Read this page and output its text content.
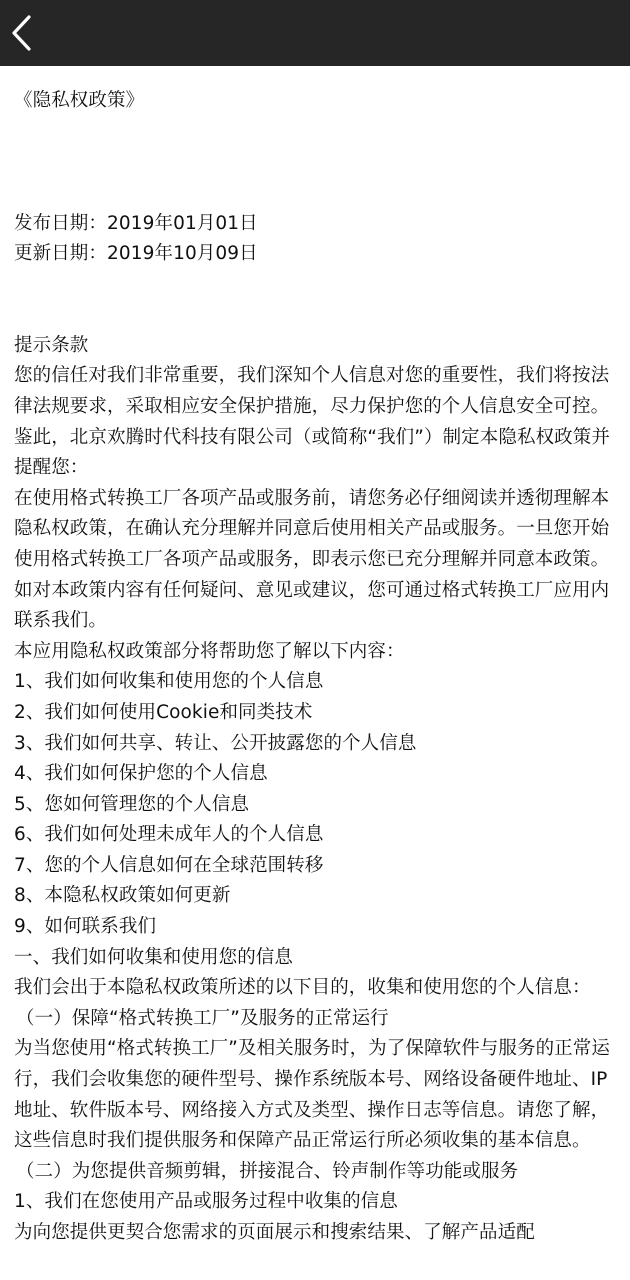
《隐私权政策》

发布日期：2019年01月01日

更新日期：2019年10月09日

提示条款

您的信任对我们非常重要，我们深知个人信息对您的重要性，我们将按法律法规要求，采取相应安全保护措施，尽力保护您的个人信息安全可控。鉴此，北京欢腾时代科技有限公司（或简称“我们”）制定本隐私权政策并提醒您：

在使用格式转换工厂各项产品或服务前，请您务必仔细阅读并透彻理解本隐私权政策，在确认充分理解并同意后使用相关产品或服务。一旦您开始使用格式转换工厂各项产品或服务，即表示您已充分理解并同意本政策。如对本政策内容有任何疑问、意见或建议，您可通过格式转换工厂应用内联系我们。

本应用隐私权政策部分将帮助您了解以下内容：

1、我们如何收集和使用您的个人信息

2、我们如何使用Cookie和同类技术

3、我们如何共享、转让、公开披露您的个人信息

4、我们如何保护您的个人信息

5、您如何管理您的个人信息

6、我们如何处理未成年人的个人信息

7、您的个人信息如何在全球范围转移

8、本隐私权政策如何更新

9、如何联系我们

一、我们如何收集和使用您的信息

我们会出于本隐私权政策所述的以下目的，收集和使用您的个人信息：

（一）保障“格式转换工厂”及服务的正常运行

为当您使用“格式转换工厂”及相关服务时，为了保障软件与服务的正常运行，我们会收集您的硬件型号、操作系统版本号、网络设备硬件地址、IP地址、软件版本号、网络接入方式及类型、操作日志等信息。请您了解，这些信息时我们提供服务和保障产品正常运行所必须收集的基本信息。

（二）为您提供音频剪辑，拼接混合、铃声制作等功能或服务

1、我们在您使用产品或服务过程中收集的信息

为向您提供更契合您需求的页面展示和搜索结果、了解产品适配
